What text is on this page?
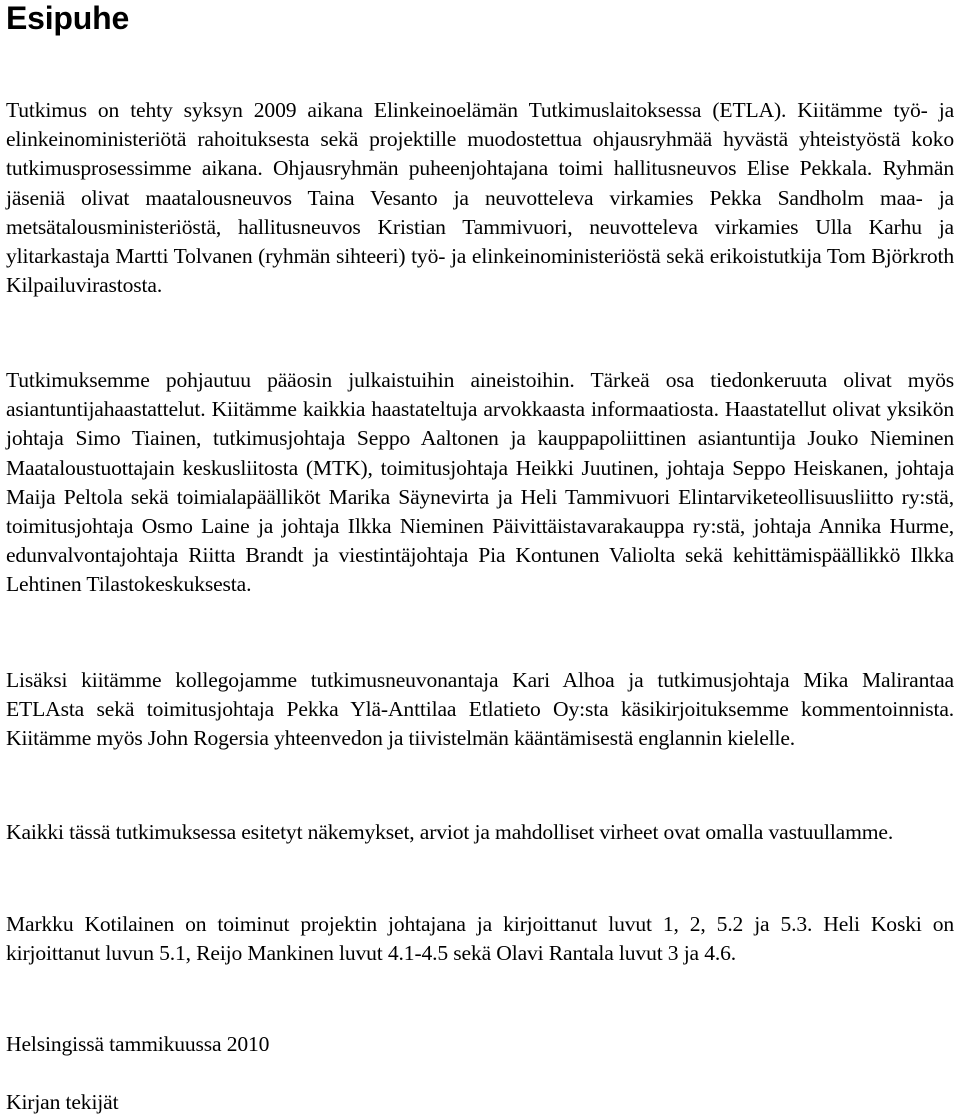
Esipuhe

Tutkimus on tehty syksyn 2009 aikana Elinkeinoelämän Tutkimuslaitoksessa (ETLA). Kiitämme työ- ja elinkeinoministeriötä rahoituksesta sekä projektille muodostettua ohjausryhmää hyvästä yhteistyöstä koko tutkimusprosessimme aikana. Ohjausryhmän puheenjohtajana toimi hallitusneuvos Elise Pekkala. Ryhmän jäseniä olivat maatalousneuvos Taina Vesanto ja neuvotteleva virkamies Pekka Sandholm maa- ja metsätalousministeriöstä, hallitusneuvos Kristian Tammivuori, neuvotteleva virkamies Ulla Karhu ja ylitarkastaja Martti Tolvanen (ryhmän sihteeri) työ- ja elinkeinoministeriöstä sekä erikoistutkija Tom Björkroth Kilpailuvirastosta.

Tutkimuksemme pohjautuu pääosin julkaistuihin aineistoihin. Tärkeä osa tiedonkeruuta olivat myös asiantuntijahaastattelut. Kiitämme kaikkia haastateltuja arvokkaasta informaatiosta. Haastatellut olivat yksikön johtaja Simo Tiainen, tutkimusjohtaja Seppo Aaltonen ja kauppapoliittinen asiantuntija Jouko Nieminen Maataloustuottajain keskusliitosta (MTK), toimitusjohtaja Heikki Juutinen, johtaja Seppo Heiskanen, johtaja Maija Peltola sekä toimialapäälliköt Marika Säynevirta ja Heli Tammivuori Elintarviketeollisuusliitto ry:stä, toimitusjohtaja Osmo Laine ja johtaja Ilkka Nieminen Päivittäistavarakauppa ry:stä, johtaja Annika Hurme, edunvalvontajohtaja Riitta Brandt ja viestintäjohtaja Pia Kontunen Valiolta sekä kehittämispäällikkö Ilkka Lehtinen Tilastokeskuksesta.

Lisäksi kiitämme kollegojamme tutkimusneuvonantaja Kari Alhoa ja tutkimusjohtaja Mika Malirantaa ETLAsta sekä toimitusjohtaja Pekka Ylä-Anttilaa Etlatieto Oy:sta käsikirjoituksemme kommentoinnista. Kiitämme myös John Rogersia yhteenvedon ja tiivistelmän kääntämisestä englannin kielelle.

Kaikki tässä tutkimuksessa esitetyt näkemykset, arviot ja mahdolliset virheet ovat omalla vastuullamme.

Markku Kotilainen on toiminut projektin johtajana ja kirjoittanut luvut 1, 2, 5.2 ja 5.3. Heli Koski on kirjoittanut luvun 5.1, Reijo Mankinen luvut 4.1-4.5 sekä Olavi Rantala luvut 3 ja 4.6.

Helsingissä tammikuussa 2010

Kirjan tekijät
